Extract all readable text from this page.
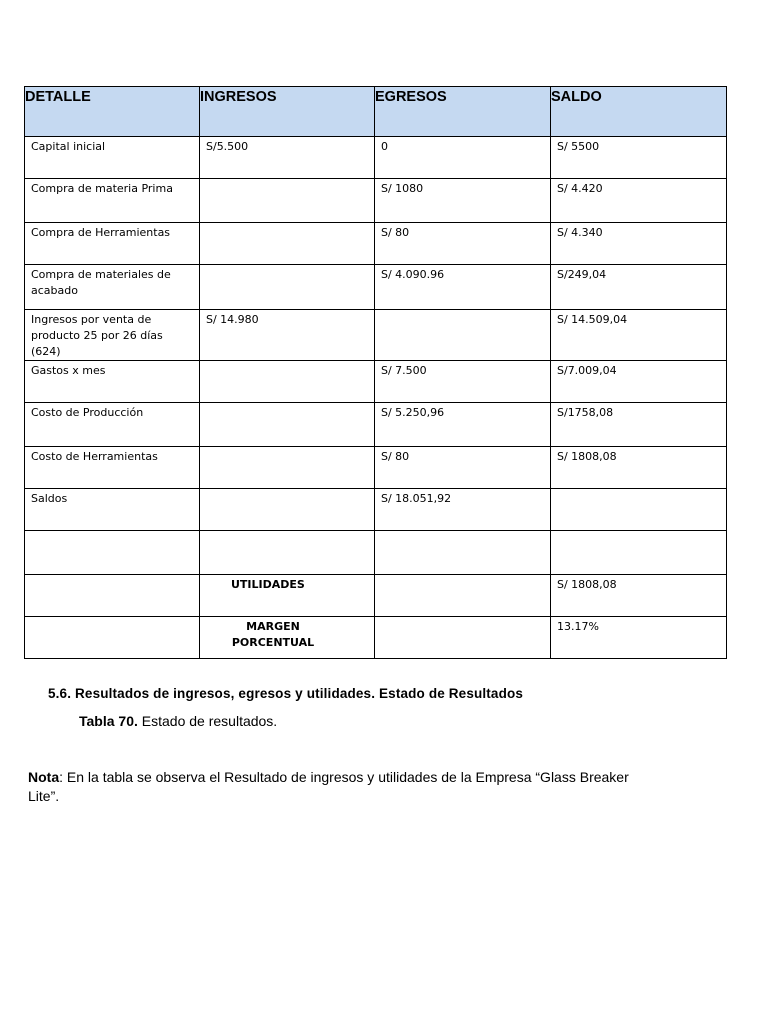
DETALLE	INGRESOS	EGRESOS	SALDO
Capital inicial	S/5.500	0	S/ 5500
Compra de materia Prima		S/ 1080	S/ 4.420
Compra de Herramientas		S/ 80	S/ 4.340
Compra de materiales de acabado		S/ 4.090.96	S/249,04
Ingresos por venta de producto 25 por 26 días (624)	S/ 14.980		S/ 14.509,04
Gastos x mes		S/ 7.500	S/7.009,04
Costo de Producción		S/ 5.250,96	S/1758,08
Costo de Herramientas		S/ 80	S/ 1808,08
Saldos		S/ 18.051,92	

	UTILIDADES		S/ 1808,08

	MARGEN
PORCENTUAL		13.17%
5.6. Resultados de ingresos, egresos y utilidades. Estado de Resultados
Tabla 70. Estado de resultados.
Nota: En la tabla se observa el Resultado de ingresos y utilidades de la Empresa “Glass Breaker Lite”.
